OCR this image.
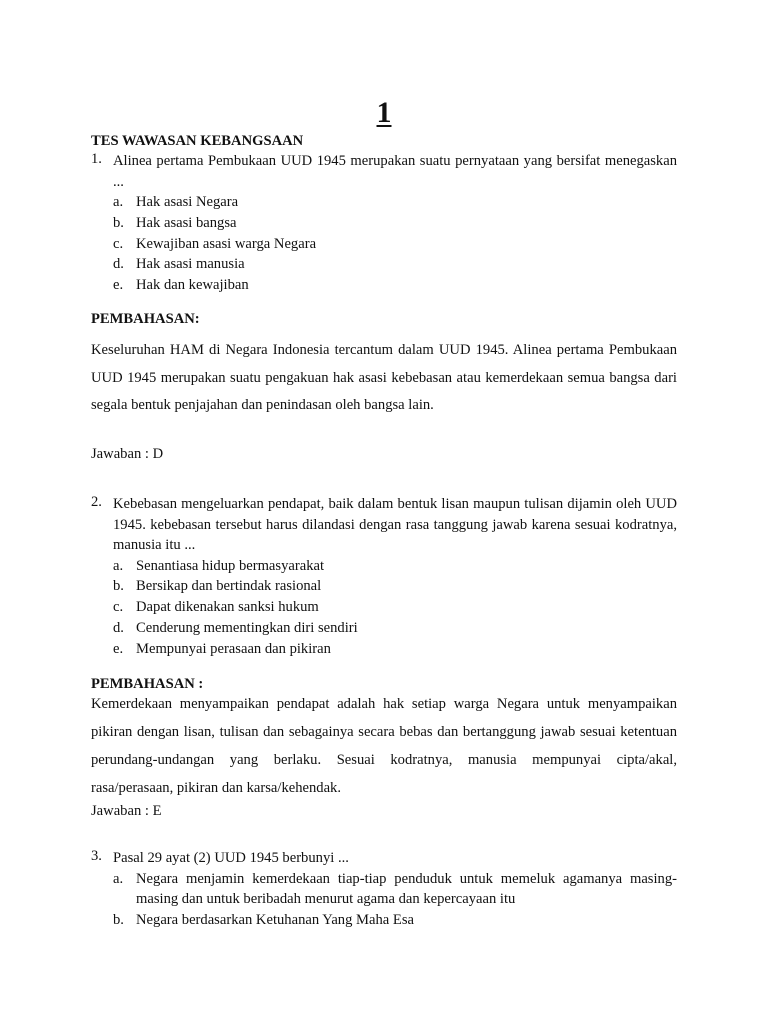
1
TES WAWASAN KEBANGSAAN
1. Alinea pertama Pembukaan UUD 1945 merupakan suatu pernyataan yang bersifat menegaskan ...
a. Hak asasi Negara
b. Hak asasi bangsa
c. Kewajiban asasi warga Negara
d. Hak asasi manusia
e. Hak dan kewajiban
PEMBAHASAN:
Keseluruhan HAM di Negara Indonesia tercantum dalam UUD 1945. Alinea pertama Pembukaan UUD 1945 merupakan suatu pengakuan hak asasi kebebasan atau kemerdekaan semua bangsa dari segala bentuk penjajahan dan penindasan oleh bangsa lain.
Jawaban : D
2. Kebebasan mengeluarkan pendapat, baik dalam bentuk lisan maupun tulisan dijamin oleh UUD 1945. kebebasan tersebut harus dilandasi dengan rasa tanggung jawab karena sesuai kodratnya, manusia itu ...
a. Senantiasa hidup bermasyarakat
b. Bersikap dan bertindak rasional
c. Dapat dikenakan sanksi hukum
d. Cenderung mementingkan diri sendiri
e. Mempunyai perasaan dan pikiran
PEMBAHASAN :
Kemerdekaan menyampaikan pendapat adalah hak setiap warga Negara untuk menyampaikan pikiran dengan lisan, tulisan dan sebagainya secara bebas dan bertanggung jawab sesuai ketentuan perundang-undangan yang berlaku. Sesuai kodratnya, manusia mempunyai cipta/akal, rasa/perasaan, pikiran dan karsa/kehendak.
Jawaban : E
3. Pasal 29 ayat (2) UUD 1945 berbunyi ...
a. Negara menjamin kemerdekaan tiap-tiap penduduk untuk memeluk agamanya masing-masing dan untuk beribadah menurut agama dan kepercayaan itu
b. Negara berdasarkan Ketuhanan Yang Maha Esa
